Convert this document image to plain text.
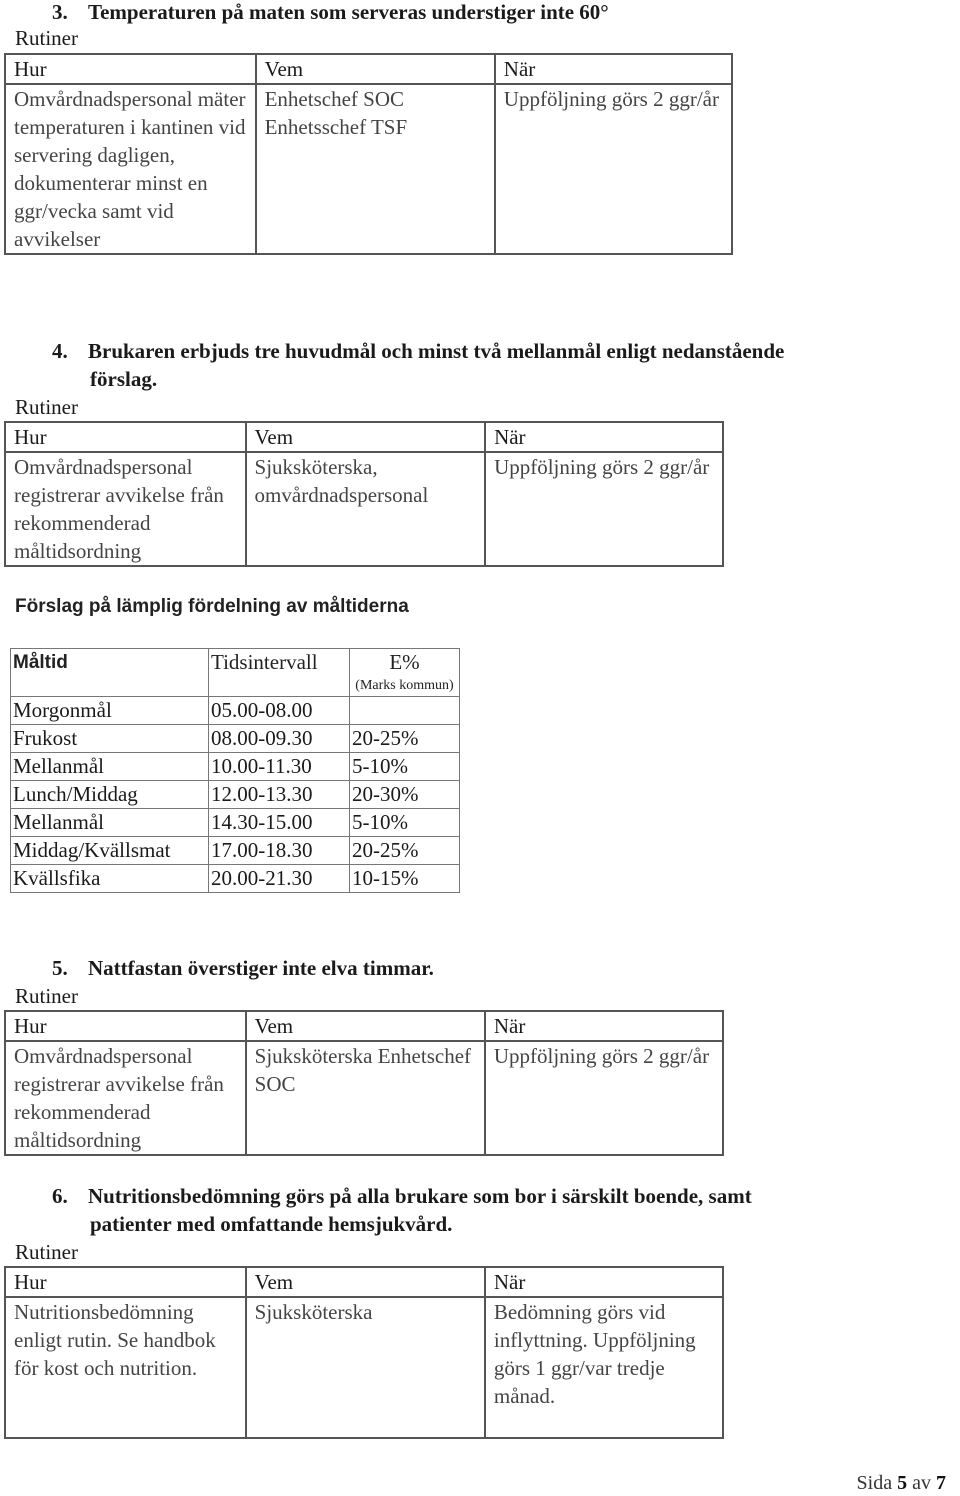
3. Temperaturen på maten som serveras understiger inte 60°
Rutiner
Hur	Vem	När
Omvårdnadspersonal mäter temperaturen i kantinen vid servering dagligen, dokumenterar minst en ggr/vecka samt vid avvikelser	Enhetschef SOC Enhetsschef TSF	Uppföljning görs 2 ggr/år
4. Brukaren erbjuds tre huvudmål och minst två mellanmål enligt nedanstående
förslag.
Rutiner
Hur	Vem	När
Omvårdnadspersonal registrerar avvikelse från rekommenderad måltidsordning	Sjuksköterska, omvårdnadspersonal	Uppföljning görs 2 ggr/år
Förslag på lämplig fördelning av måltiderna
Måltid	Tidsintervall	E%
(Marks kommun)

Morgonmål	05.00-08.00	
Frukost	08.00-09.30	20-25%
Mellanmål	10.00-11.30	5-10%
Lunch/Middag	12.00-13.30	20-30%
Mellanmål	14.30-15.00	5-10%
Middag/Kvällsmat	17.00-18.30	20-25%
Kvällsfika	20.00-21.30	10-15%
5. Nattfastan överstiger inte elva timmar.
Rutiner
Hur	Vem	När
Omvårdnadspersonal registrerar avvikelse från rekommenderad måltidsordning	Sjuksköterska Enhetschef SOC	Uppföljning görs 2 ggr/år
6. Nutritionsbedömning görs på alla brukare som bor i särskilt boende, samt
patienter med omfattande hemsjukvård.
Rutiner
Hur	Vem	När
Nutritionsbedömning enligt rutin. Se handbok för kost och nutrition.	Sjuksköterska	Bedömning görs vid inflyttning. Uppföljning görs 1 ggr/var tredje månad.
Sida 5 av 7
